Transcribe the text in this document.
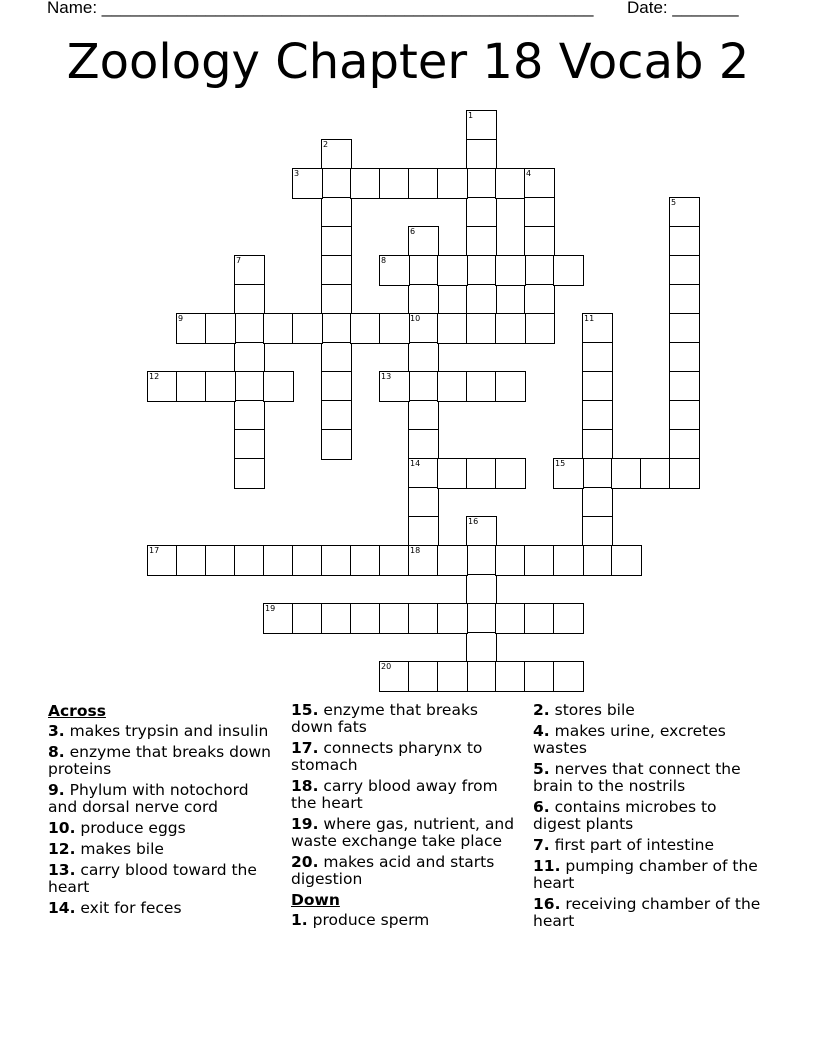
Name: ____________________________________________________ Date: _______
Zoology Chapter 18 Vocab 2
1
2
3	4
5
6
10
14
7	8
9	11
12	13
15
16
17	18
19
20
Across
3. makes trypsin and insulin
8. enzyme that breaks down proteins
9. Phylum with notochord and dorsal nerve cord
10. produce eggs
12. makes bile
13. carry blood toward the heart
14. exit for feces
15. enzyme that breaks down fats
17. connects pharynx to stomach
18. carry blood away from the heart
19. where gas, nutrient, and waste exchange take place
20. makes acid and starts digestion
Down
1. produce sperm
2. stores bile
4. makes urine, excretes wastes
5. nerves that connect the brain to the nostrils
6. contains microbes to digest plants
7. first part of intestine
11. pumping chamber of the heart
16. receiving chamber of the heart
